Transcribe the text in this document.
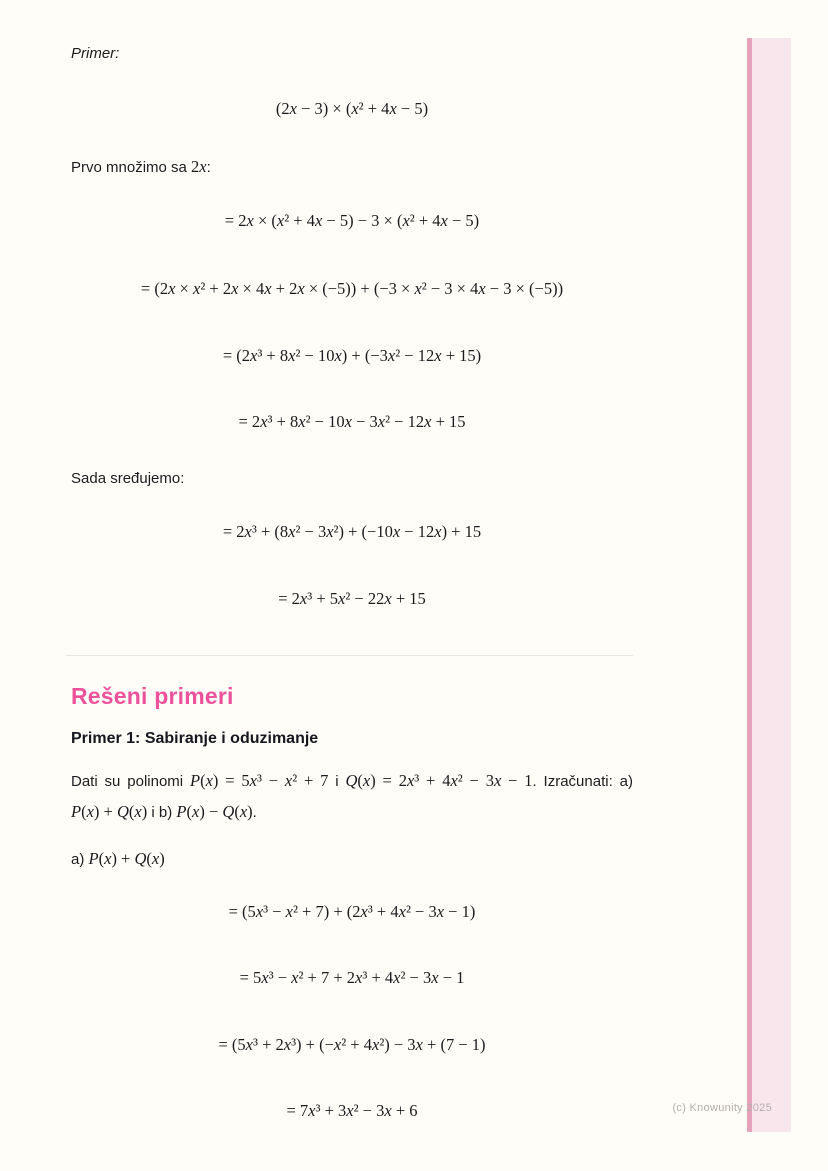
Primer:
(2x − 3) × (x² + 4x − 5)
Prvo množimo sa 2x:
= 2x × (x² + 4x − 5) − 3 × (x² + 4x − 5)
= (2x × x² + 2x × 4x + 2x × (−5)) + (−3 × x² − 3 × 4x − 3 × (−5))
= (2x³ + 8x² − 10x) + (−3x² − 12x + 15)
= 2x³ + 8x² − 10x − 3x² − 12x + 15
Sada sređujemo:
= 2x³ + (8x² − 3x²) + (−10x − 12x) + 15
= 2x³ + 5x² − 22x + 15
Rešeni primeri
Primer 1: Sabiranje i oduzimanje
Dati su polinomi P(x) = 5x³ − x² + 7 i Q(x) = 2x³ + 4x² − 3x − 1. Izračunati: a)
P(x) + Q(x) i b) P(x) − Q(x).
a) P(x) + Q(x)
= (5x³ − x² + 7) + (2x³ + 4x² − 3x − 1)
= 5x³ − x² + 7 + 2x³ + 4x² − 3x − 1
= (5x³ + 2x³) + (−x² + 4x²) − 3x + (7 − 1)
= 7x³ + 3x² − 3x + 6	(c) Knowunity 2025
